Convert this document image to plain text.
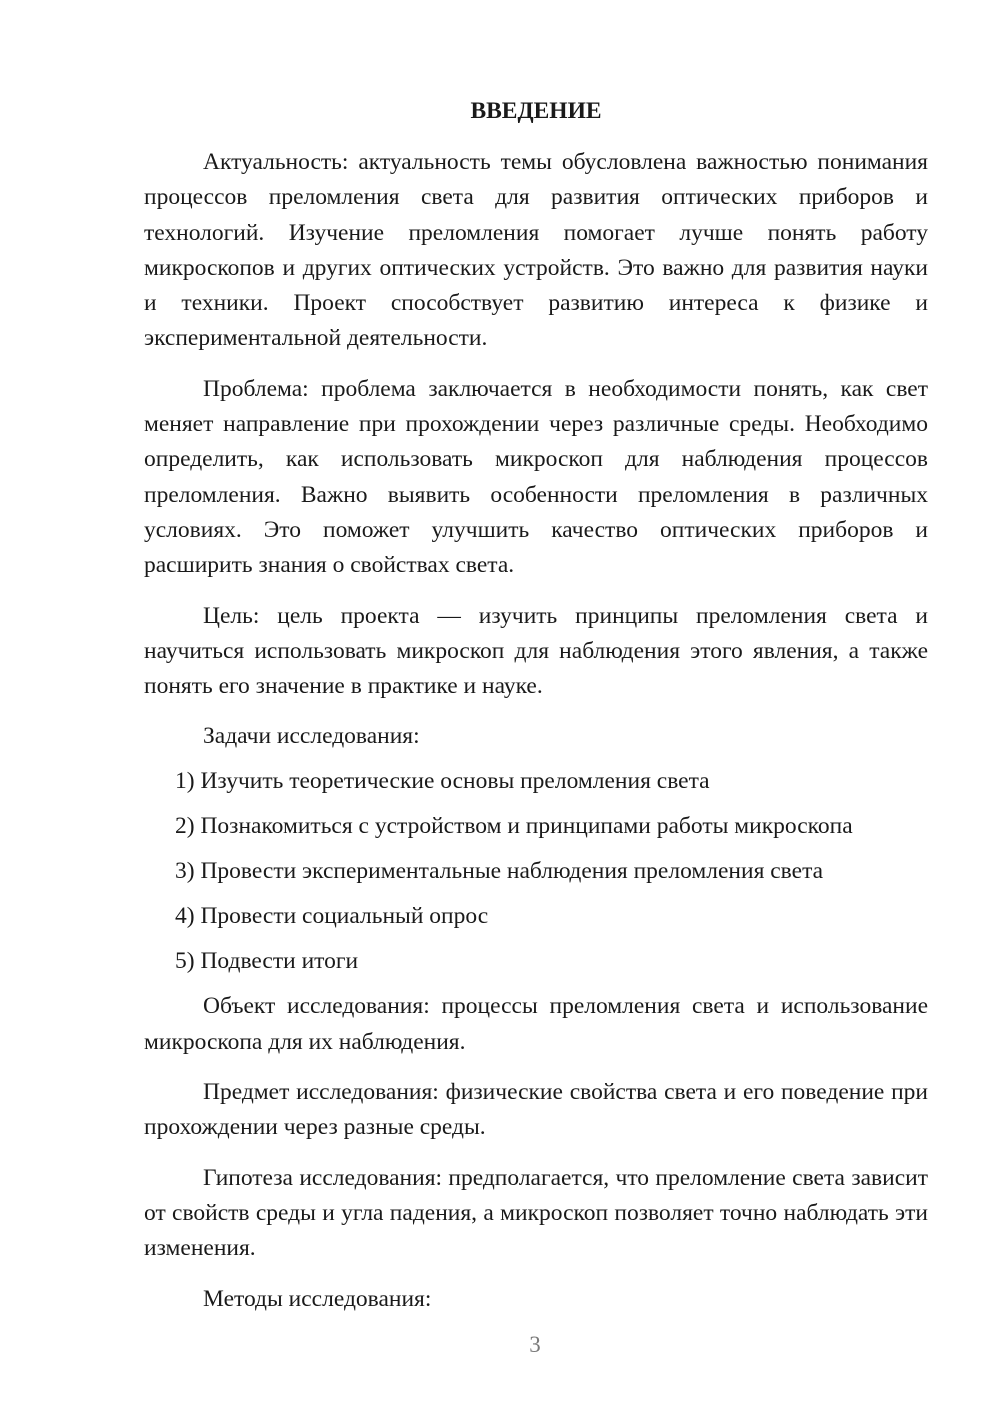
ВВЕДЕНИЕ

Актуальность: актуальность темы обусловлена важностью понимания процессов преломления света для развития оптических приборов и технологий. Изучение преломления помогает лучше понять работу микроскопов и других оптических устройств. Это важно для развития науки и техники. Проект способствует развитию интереса к физике и экспериментальной деятельности.

Проблема: проблема заключается в необходимости понять, как свет меняет направление при прохождении через различные среды. Необходимо определить, как использовать микроскоп для наблюдения процессов преломления. Важно выявить особенности преломления в различных условиях. Это поможет улучшить качество оптических приборов и расширить знания о свойствах света.

Цель: цель проекта — изучить принципы преломления света и научиться использовать микроскоп для наблюдения этого явления, а также понять его значение в практике и науке.

Задачи исследования:
1) Изучить теоретические основы преломления света
2) Познакомиться с устройством и принципами работы микроскопа
3) Провести экспериментальные наблюдения преломления света
4) Провести социальный опрос
5) Подвести итоги

Объект исследования: процессы преломления света и использование микроскопа для их наблюдения.

Предмет исследования: физические свойства света и его поведение при прохождении через разные среды.

Гипотеза исследования: предполагается, что преломление света зависит от свойств среды и угла падения, а микроскоп позволяет точно наблюдать эти изменения.

Методы исследования:
3
